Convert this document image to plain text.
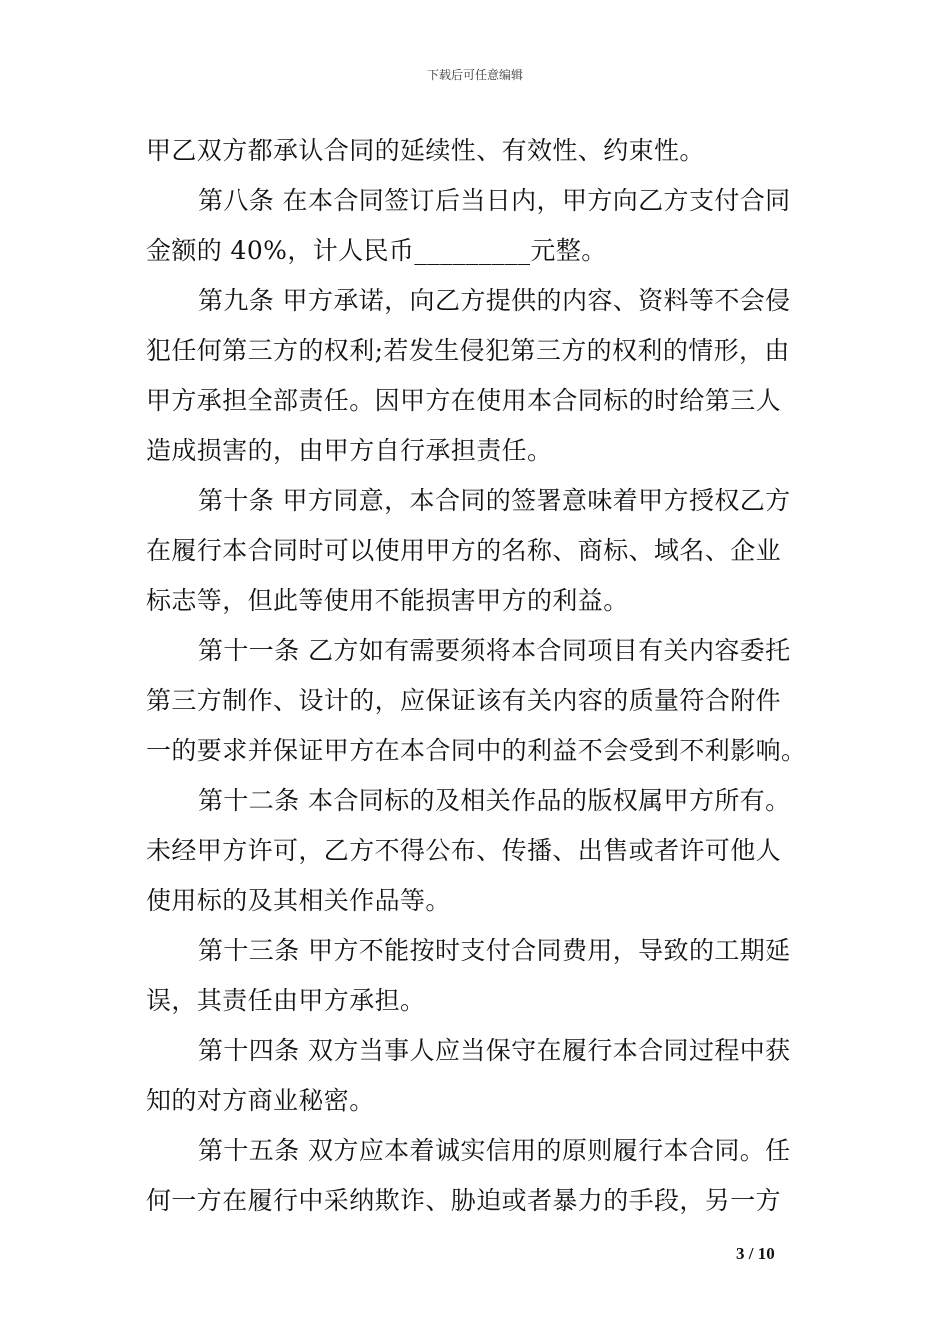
下载后可任意编辑
甲乙双方都承认合同的延续性、有效性、约束性。
第八条 在本合同签订后当日内，甲方向乙方支付合同
金额的 40%，计人民币_________元整。
第九条 甲方承诺，向乙方提供的内容、资料等不会侵
犯任何第三方的权利;若发生侵犯第三方的权利的情形，由
甲方承担全部责任。因甲方在使用本合同标的时给第三人
造成损害的，由甲方自行承担责任。
第十条 甲方同意，本合同的签署意味着甲方授权乙方
在履行本合同时可以使用甲方的名称、商标、域名、企业
标志等，但此等使用不能损害甲方的利益。
第十一条 乙方如有需要须将本合同项目有关内容委托
第三方制作、设计的，应保证该有关内容的质量符合附件
一的要求并保证甲方在本合同中的利益不会受到不利影响。
第十二条 本合同标的及相关作品的版权属甲方所有。
未经甲方许可，乙方不得公布、传播、出售或者许可他人
使用标的及其相关作品等。
第十三条 甲方不能按时支付合同费用，导致的工期延
误，其责任由甲方承担。
第十四条 双方当事人应当保守在履行本合同过程中获
知的对方商业秘密。
第十五条 双方应本着诚实信用的原则履行本合同。任
何一方在履行中采纳欺诈、胁迫或者暴力的手段，另一方
3 / 10
